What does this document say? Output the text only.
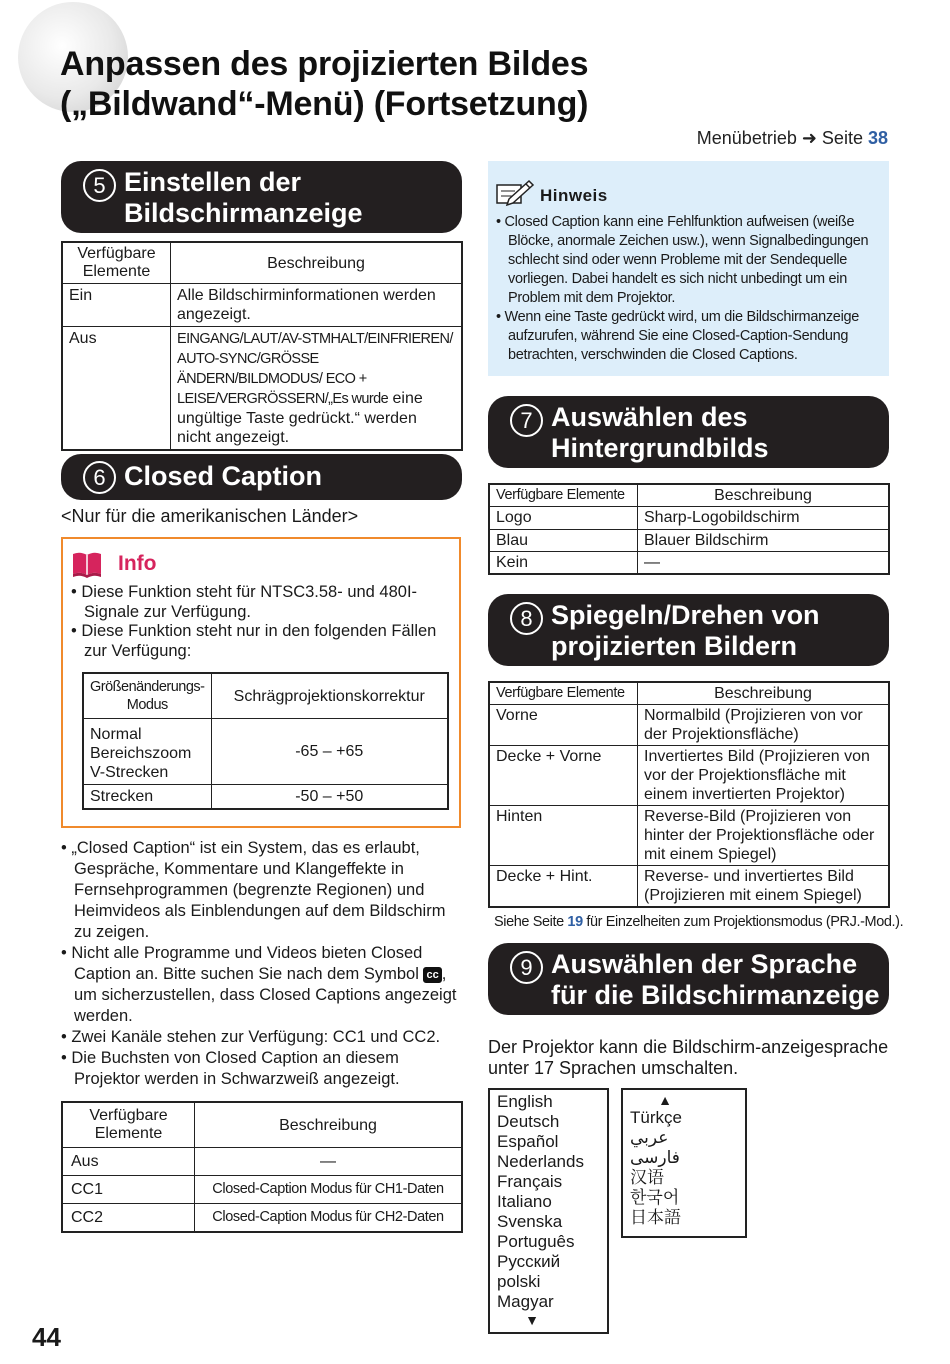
Anpassen des projizierten Bildes
(„Bildwand“-Menü) (Fortsetzung)
Menübetrieb ➜ Seite 38
5 Einstellen der
Bildschirmanzeige
Verfügbare Elemente	Beschreibung
Ein	Alle Bildschirminformationen werden angezeigt.
Aus	EINGANG/LAUT/AV-STMHALT/EINFRIEREN/ AUTO-SYNC/GRÖSSE ÄNDERN/BILDMODUS/ ECO + LEISE/VERGRÖSSERN/„Es wurde eine ungültige Taste gedrückt.“ werden nicht angezeigt.
6 Closed Caption
<Nur für die amerikanischen Länder>
Info
• Diese Funktion steht für NTSC3.58- und 480I-Signale zur Verfügung.
• Diese Funktion steht nur in den folgenden Fällen zur Verfügung:
Größenänderungs-Modus	Schrägprojektionskorrektur

Normal
Bereichszoom
V-Strecken	-65 – +65
Strecken	-50 – +50
• „Closed Caption“ ist ein System, das es erlaubt, Gespräche, Kommentare und Klangeffekte in Fernsehprogrammen (begrenzte Regionen) und Heimvideos als Einblendungen auf dem Bildschirm zu zeigen.
• Nicht alle Programme und Videos bieten Closed Caption an. Bitte suchen Sie nach dem Symbol cc , um sicherzustellen, dass Closed Captions angezeigt werden.
• Zwei Kanäle stehen zur Verfügung: CC1 und CC2.
• Die Buchsten von Closed Caption an diesem Projektor werden in Schwarzweiß angezeigt.
Verfügbare Elemente	Beschreibung
Aus	—
CC1	Closed-Caption Modus für CH1-Daten
CC2	Closed-Caption Modus für CH2-Daten
44
Hinweis
• Closed Caption kann eine Fehlfunktion aufweisen (weiße Blöcke, anormale Zeichen usw.), wenn Signalbedingungen schlecht sind oder wenn Probleme mit der Sendequelle vorliegen. Dabei handelt es sich nicht unbedingt um ein Problem mit dem Projektor.
• Wenn eine Taste gedrückt wird, um die Bildschirmanzeige aufzurufen, während Sie eine Closed-Caption-Sendung betrachten, verschwinden die Closed Captions.
7 Auswählen des
Hintergrundbilds
Verfügbare Elemente	Beschreibung
Logo	Sharp-Logobildschirm
Blau	Blauer Bildschirm
Kein	—
8 Spiegeln/Drehen von
projizierten Bildern
Verfügbare Elemente	Beschreibung
Vorne	Normalbild (Projizieren von vor der Projektionsfläche)
Decke + Vorne	Invertiertes Bild (Projizieren von vor der Projektionsfläche mit einem invertierten Projektor)
Hinten	Reverse-Bild (Projizieren von hinter der Projektionsfläche oder mit einem Spiegel)
Decke + Hint.	Reverse- und invertiertes Bild (Projizieren mit einem Spiegel)
Siehe Seite 19 für Einzelheiten zum Projektionsmodus (PRJ.-Mod.).
9 Auswählen der Sprache
für die Bildschirmanzeige
Der Projektor kann die Bildschirm-anzeigesprache unter 17 Sprachen umschalten.
English
Deutsch
Español
Nederlands
Français
Italiano
Svenska
Português
Русский
polski
Magyar
▼
▲
Türkçe
عربي
فارسی
汉语
한국어
日本語
